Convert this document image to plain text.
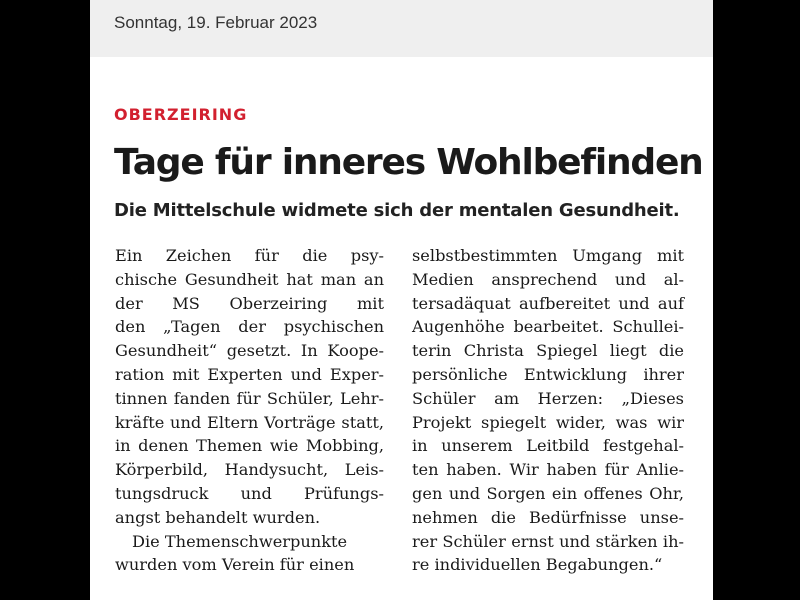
Sonntag, 19. Februar 2023
OBERZEIRING
Tage für inneres Wohlbefinden
Die Mittelschule widmete sich der mentalen Gesundheit.
Ein Zeichen für die psy-
chische Gesundheit hat man an
der MS Oberzeiring mit
den „Tagen der psychischen
Gesundheit“ gesetzt. In Koope-
ration mit Experten und Exper-
tinnen fanden für Schüler, Lehr-
kräfte und Eltern Vorträge statt,
in denen Themen wie Mobbing,
Körperbild, Handysucht, Leis-
tungsdruck und Prüfungs-
angst behandelt wurden.
Die Themenschwerpunkte
wurden vom Verein für einen
selbstbestimmten Umgang mit
Medien ansprechend und al-
tersadäquat aufbereitet und auf
Augenhöhe bearbeitet. Schullei-
terin Christa Spiegel liegt die
persönliche Entwicklung ihrer
Schüler am Herzen: „Dieses
Projekt spiegelt wider, was wir
in unserem Leitbild festgehal-
ten haben. Wir haben für Anlie-
gen und Sorgen ein offenes Ohr,
nehmen die Bedürfnisse unse-
rer Schüler ernst und stärken ih-
re individuellen Begabungen.“
